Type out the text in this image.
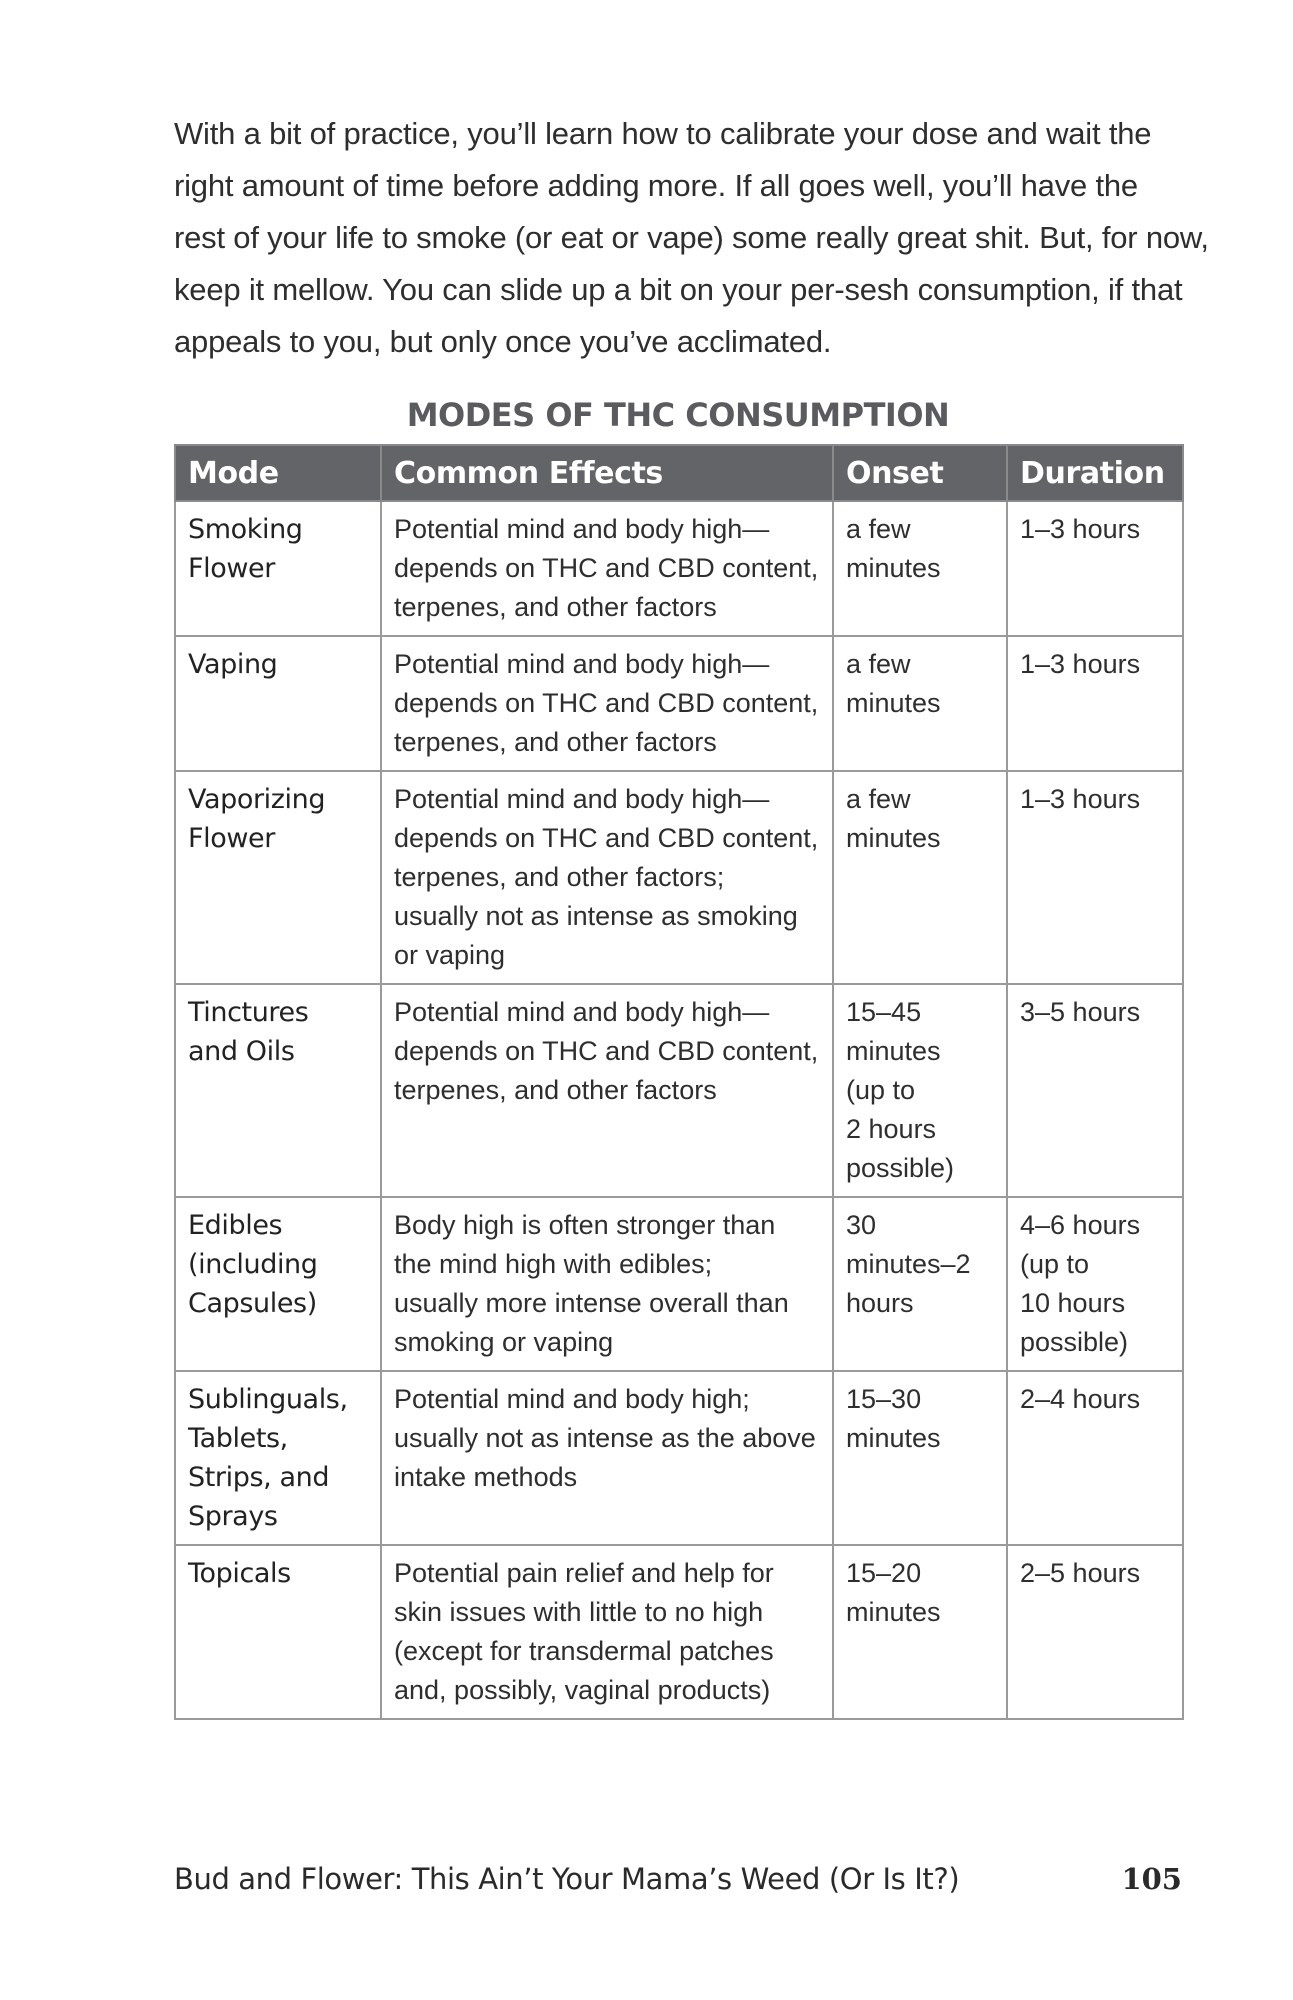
With a bit of practice, you’ll learn how to calibrate your dose and wait the
right amount of time before adding more. If all goes well, you’ll have the
rest of your life to smoke (or eat or vape) some really great shit. But, for now,
keep it mellow. You can slide up a bit on your per-sesh consumption, if that
appeals to you, but only once you’ve acclimated.

MODES OF THC CONSUMPTION
Mode	Common Effects	Onset	Duration

Smoking
Flower	Potential mind and body high—
depends on THC and CBD content,
terpenes, and other factors	a few
minutes	1–3 hours

Vaping	Potential mind and body high—
depends on THC and CBD content,
terpenes, and other factors	a few
minutes	1–3 hours

Vaporizing
Flower	Potential mind and body high—
depends on THC and CBD content,
terpenes, and other factors;
usually not as intense as smoking
or vaping	a few
minutes	1–3 hours

Tinctures
and Oils	Potential mind and body high—
depends on THC and CBD content,
terpenes, and other factors	15–45
minutes
(up to
2 hours
possible)	3–5 hours

Edibles
(including
Capsules)	Body high is often stronger than
the mind high with edibles;
usually more intense overall than
smoking or vaping	30
minutes–2
hours	4–6 hours
(up to
10 hours
possible)

Sublinguals,
Tablets,
Strips, and
Sprays	Potential mind and body high;
usually not as intense as the above
intake methods	15–30
minutes	2–4 hours

Topicals	Potential pain relief and help for
skin issues with little to no high
(except for transdermal patches
and, possibly, vaginal products)	15–20
minutes	2–5 hours

Bud and Flower: This Ain’t Your Mama’s Weed (Or Is It?)	105
